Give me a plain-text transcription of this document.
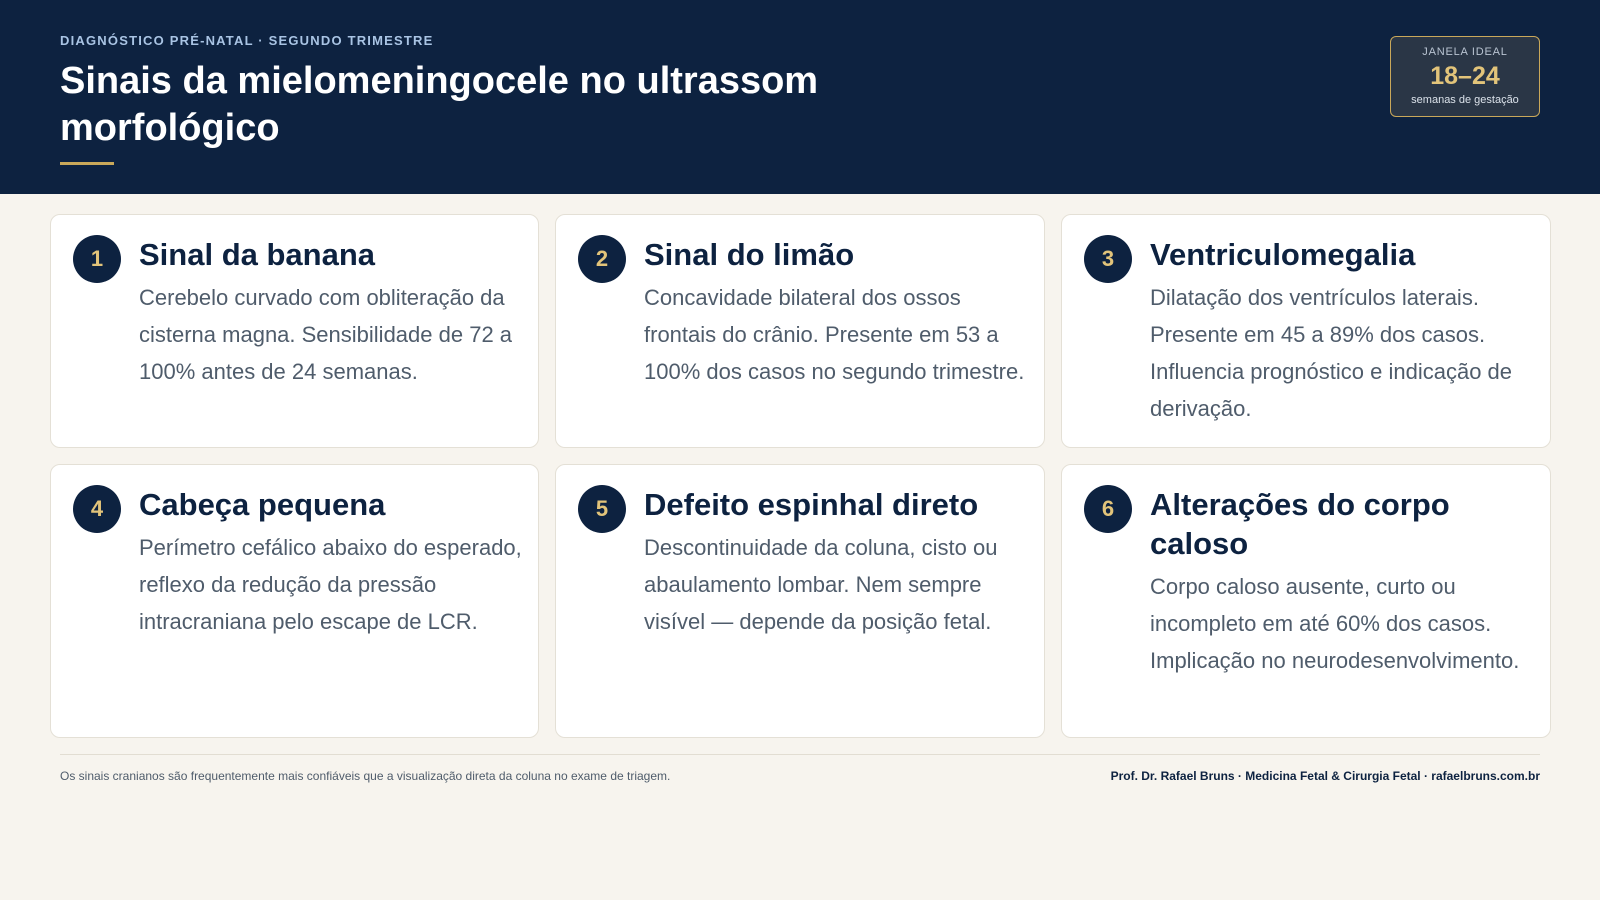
DIAGNÓSTICO PRÉ-NATAL · SEGUNDO TRIMESTRE
Sinais da mielomeningocele no ultrassom morfológico
JANELA IDEAL
18–24
semanas de gestação
1	Sinal da banana
Cerebelo curvado com obliteração da cisterna magna. Sensibilidade de 72 a 100% antes de 24 semanas.
2	Sinal do limão
Concavidade bilateral dos ossos frontais do crânio. Presente em 53 a 100% dos casos no segundo trimestre.
3	Ventriculomegalia
Dilatação dos ventrículos laterais. Presente em 45 a 89% dos casos. Influencia prognóstico e indicação de derivação.
4	Cabeça pequena
Perímetro cefálico abaixo do esperado, reflexo da redução da pressão intracraniana pelo escape de LCR.
5	Defeito espinhal direto
Descontinuidade da coluna, cisto ou abaulamento lombar. Nem sempre visível — depende da posição fetal.
6	Alterações do corpo caloso
Corpo caloso ausente, curto ou incompleto em até 60% dos casos. Implicação no neurodesenvolvimento.
Os sinais cranianos são frequentemente mais confiáveis que a visualização direta da coluna no exame de triagem.	Prof. Dr. Rafael Bruns · Medicina Fetal & Cirurgia Fetal · rafaelbruns.com.br
